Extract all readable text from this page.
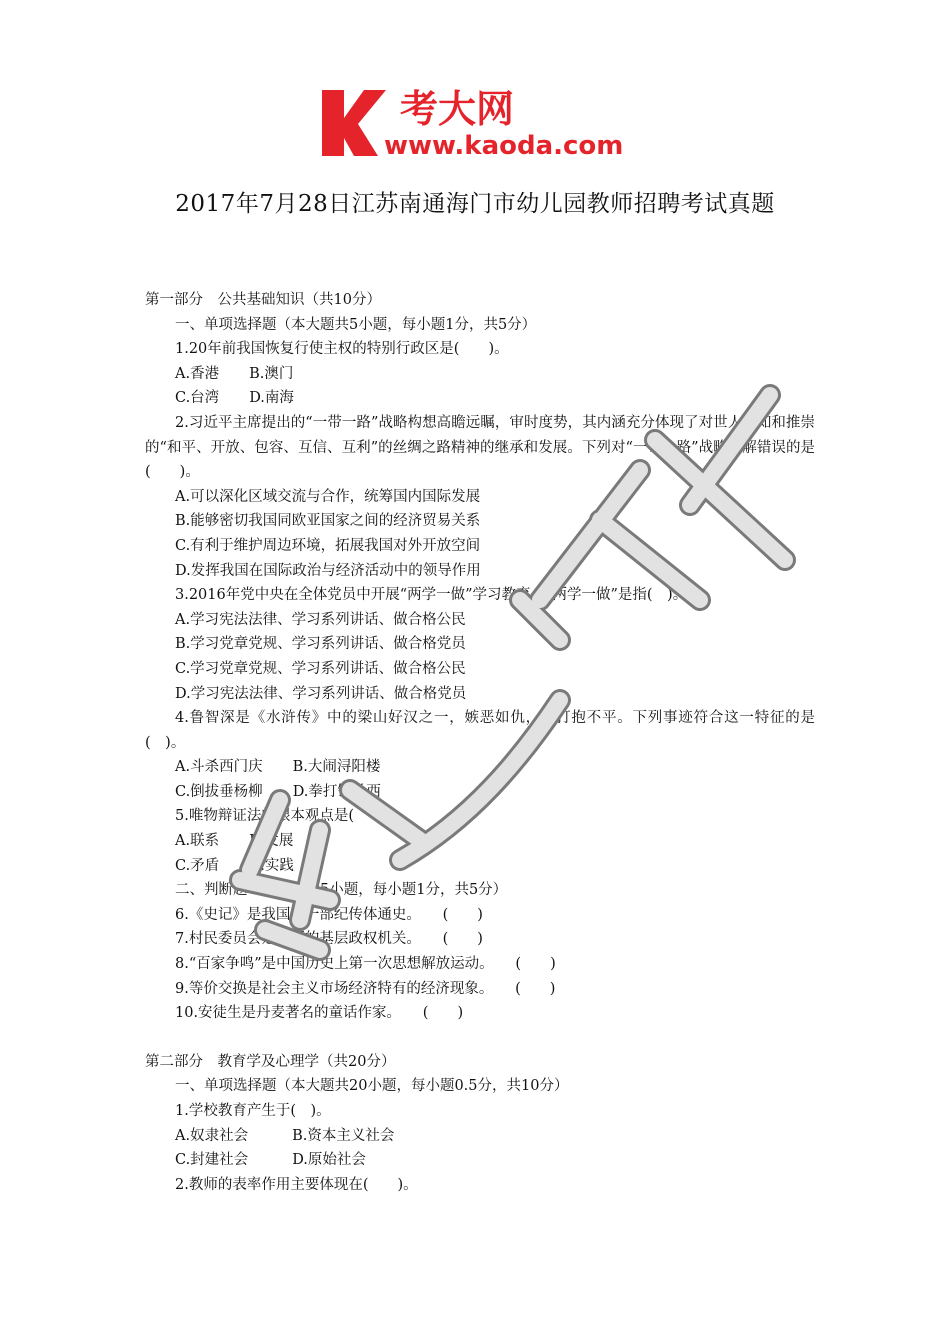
考大网
www.kaoda.com
2017年7月28日江苏南通海门市幼儿园教师招聘考试真题
第一部分　公共基础知识（共10分）
一、单项选择题（本大题共5小题，每小题1分，共5分）
1.20年前我国恢复行使主权的特别行政区是(　　)。
A.香港 B.澳门
C.台湾 D.南海
2.习近平主席提出的“一带一路”战略构想高瞻远瞩，审时度势，其内涵充分体现了对世人共知和推崇的“和平、开放、包容、互信、互利”的丝绸之路精神的继承和发展。下列对“一带一路”战略理解错误的是(　　)。
A.可以深化区域交流与合作，统筹国内国际发展
B.能够密切我国同欧亚国家之间的经济贸易关系
C.有利于维护周边环境，拓展我国对外开放空间
D.发挥我国在国际政治与经济活动中的领导作用
3.2016年党中央在全体党员中开展“两学一做”学习教育。“两学一做”是指(　)。
A.学习宪法法律、学习系列讲话、做合格公民
B.学习党章党规、学习系列讲话、做合格党员
C.学习党章党规、学习系列讲话、做合格公民
D.学习宪法法律、学习系列讲话、做合格党员
4.鲁智深是《水浒传》中的梁山好汉之一，嫉恶如仇，好打抱不平。下列事迹符合这一特征的是(　)。
A.斗杀西门庆 B.大闹浔阳楼
C.倒拔垂杨柳 D.拳打镇关西
5.唯物辩证法的根本观点是(　　)。
A.联系 B.发展
C.矛盾 D.实践
二、判断题（本大题共5小题，每小题1分，共5分）
6.《史记》是我国第一部纪传体通史。　　(　　)
7.村民委员会是我国的基层政权机关。　　(　　)
8.“百家争鸣”是中国历史上第一次思想解放运动。　　(　　)
9.等价交换是社会主义市场经济特有的经济现象。　　(　　)
10.安徒生是丹麦著名的童话作家。　　(　　)
第二部分　教育学及心理学（共20分）
一、单项选择题（本大题共20小题，每小题0.5分，共10分）
1.学校教育产生于(　)。
A.奴隶社会	B.资本主义社会
C.封建社会	D.原始社会
2.教师的表率作用主要体现在(　　)。
